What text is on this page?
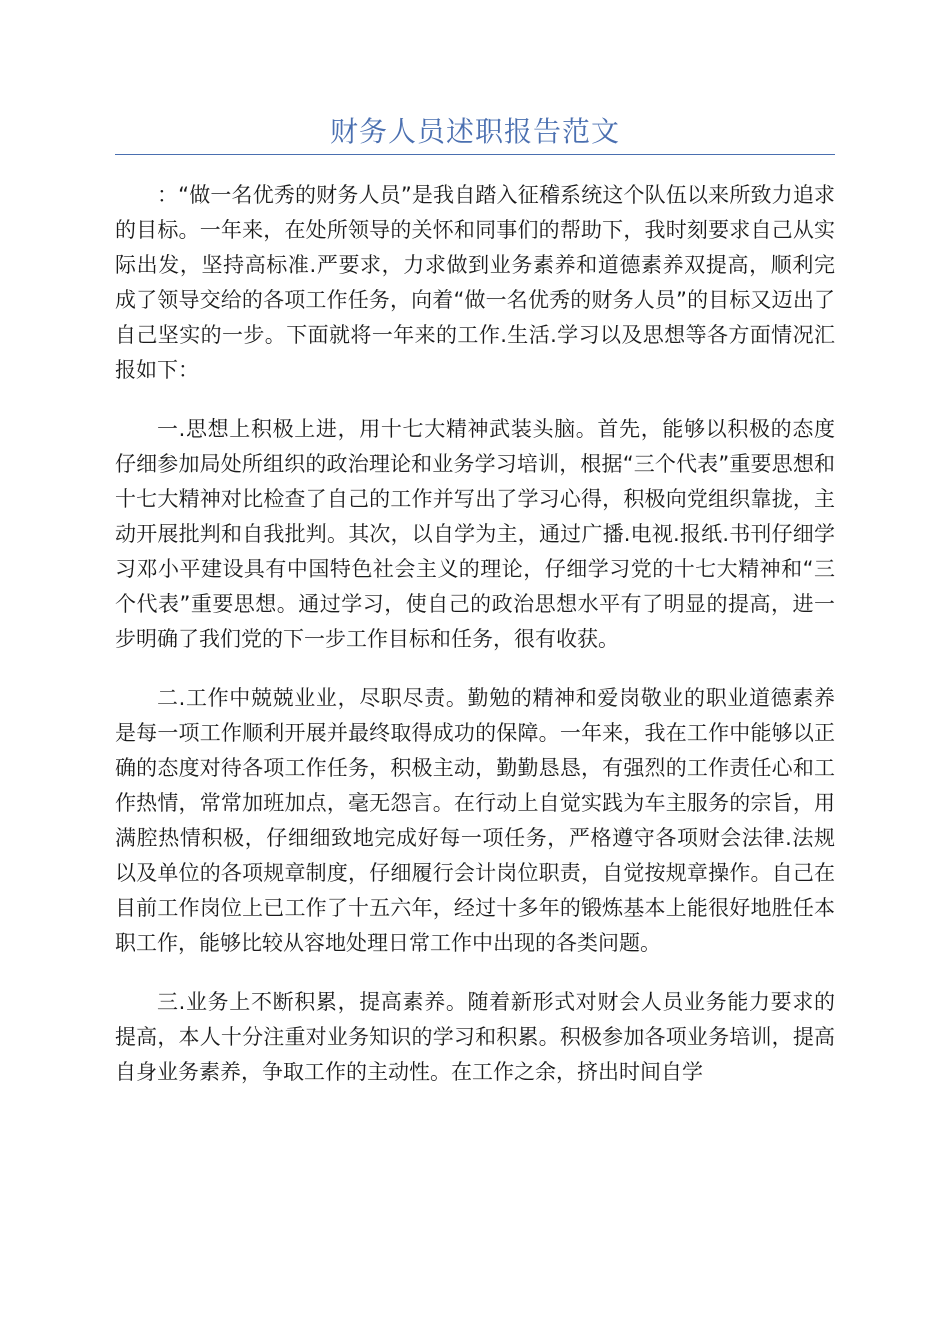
财务人员述职报告范文

：“做一名优秀的财务人员”是我自踏入征稽系统这个队伍以来所致力追求的目标。一年来，在处所领导的关怀和同事们的帮助下，我时刻要求自己从实际出发，坚持高标准.严要求，力求做到业务素养和道德素养双提高，顺利完成了领导交给的各项工作任务，向着“做一名优秀的财务人员”的目标又迈出了自己坚实的一步。下面就将一年来的工作.生活.学习以及思想等各方面情况汇报如下：

一.思想上积极上进，用十七大精神武装头脑。首先，能够以积极的态度仔细参加局处所组织的政治理论和业务学习培训，根据“三个代表”重要思想和十七大精神对比检查了自己的工作并写出了学习心得，积极向党组织靠拢，主动开展批判和自我批判。其次，以自学为主，通过广播.电视.报纸.书刊仔细学习邓小平建设具有中国特色社会主义的理论，仔细学习党的十七大精神和“三个代表”重要思想。通过学习，使自己的政治思想水平有了明显的提高，进一步明确了我们党的下一步工作目标和任务，很有收获。

二.工作中兢兢业业，尽职尽责。勤勉的精神和爱岗敬业的职业道德素养是每一项工作顺利开展并最终取得成功的保障。一年来，我在工作中能够以正确的态度对待各项工作任务，积极主动，勤勤恳恳，有强烈的工作责任心和工作热情，常常加班加点，毫无怨言。在行动上自觉实践为车主服务的宗旨，用满腔热情积极，仔细细致地完成好每一项任务，严格遵守各项财会法律.法规以及单位的各项规章制度，仔细履行会计岗位职责，自觉按规章操作。自己在目前工作岗位上已工作了十五六年，经过十多年的锻炼基本上能很好地胜任本职工作，能够比较从容地处理日常工作中出现的各类问题。

三.业务上不断积累，提高素养。随着新形式对财会人员业务能力要求的提高，本人十分注重对业务知识的学习和积累。积极参加各项业务培训，提高自身业务素养，争取工作的主动性。在工作之余，挤出时间自学
